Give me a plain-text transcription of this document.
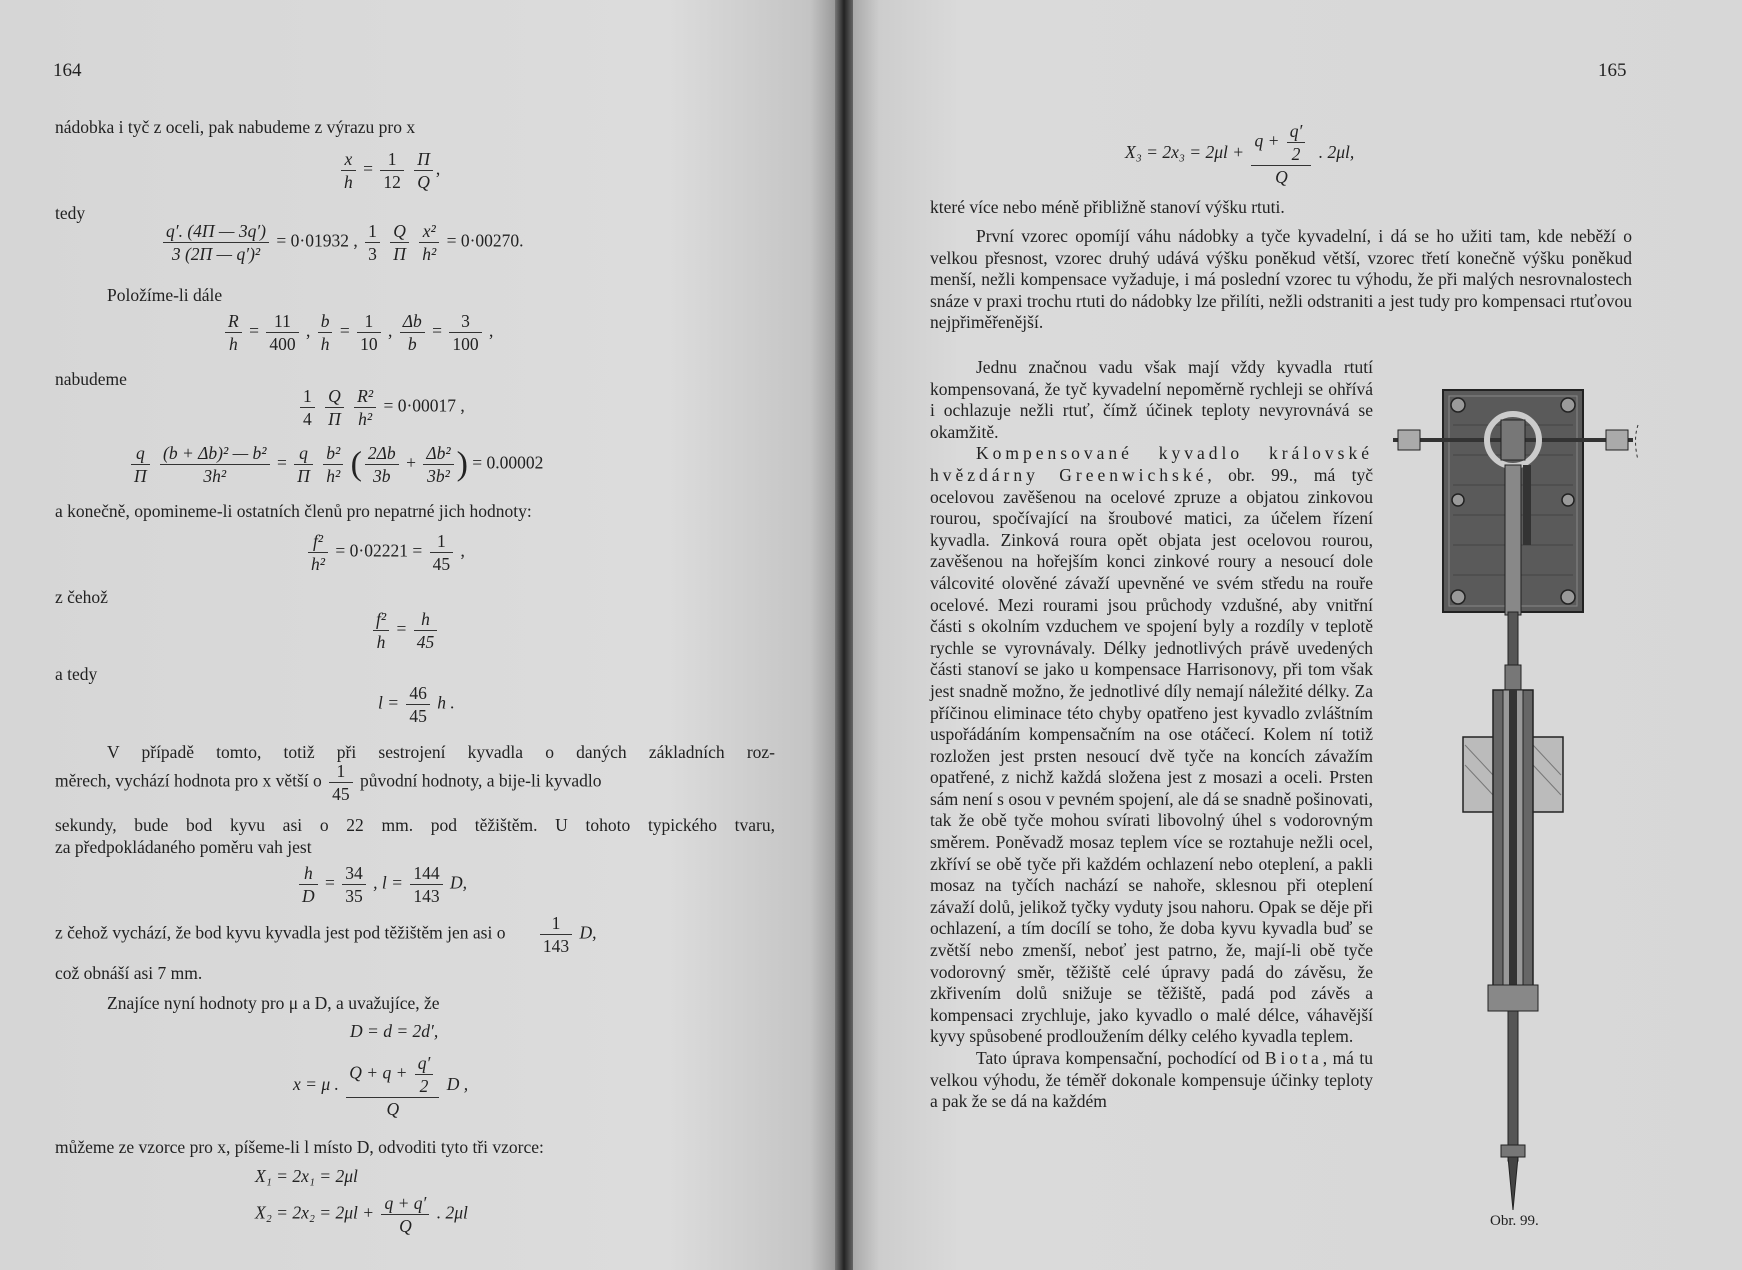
164
nádobka i tyč z oceli, pak nabudeme z výrazu pro x
$\frac{x}{h} = \frac{1}{12}$
$\frac{\Pi}{Q}$ ,
tedy
$\frac{q'. (4\Pi — 3q')}{\text{3 (2Π — q′)²}} = 0\cdot 01932$ , $\frac{1}{3}$
$\frac{Q}{\Pi}$
$\frac{\text{x²}}{\text{h²}} = 0\cdot 00270$.
Položíme-li dále
$\frac{R}{h} = \frac{11}{400}$ , $\frac{b}{h} = \frac{1}{10}$ , $\frac{\Delta b}{b} = \frac{3}{100}$ ,
nabudeme
$\frac{1}{4}$
$\frac{Q}{\Pi}$
$\frac{\text{R²}}{\text{h²}} = 0\cdot 00017$ ,
$\frac{q}{\Pi}$
$\frac{\text{(b + Δb)² — b²}}{\text{3h²}} = \frac{q}{\Pi}$
$\frac{\text{b²}}{\text{h²}}$ ( $\frac{2\Delta b}{3b} + \frac{\text{Δb²}}{\text{3b²}}$ ) = 0.00002
a konečně, opomineme-li ostatních členů pro nepatrné jich hodnoty:
$\frac{\text{f²}}{\text{h²}} = 0\cdot 02221 = \frac{1}{45}$ ,
z čehož
$\frac{\text{f²}}{h} = \frac{h}{45}$
a tedy
$l = \frac{46}{45}$ h .
V případě tomto, totiž při sestrojení kyvadla o daných základních roz-
měrech, vychází hodnota pro x větší o $\frac{1}{45}$ původní hodnoty, a bije-li kyvadlo
sekundy, bude bod kyvu asi o 22 mm. pod těžištěm. U tohoto typického tvaru,
za předpokládaného poměru vah jest
$\frac{h}{D} = \frac{34}{35}$ , $l = \frac{144}{143} D$,
z čehož vychází, že bod kyvu kyvadla jest pod těžištěm jen asi o $\frac{1}{143} D$,
což obnáší asi 7 mm.
Znajíce nyní hodnoty pro μ a D, a uvažujíce, že
D = d = 2d′,
x = μ . $\frac{Q + q + \frac{q'}{2}}{Q}$ D ,
můžeme ze vzorce pro x, píšeme-li l místo D, odvoditi tyto tři vzorce:
X₁ = 2x₁ = 2μl
$X_2 = 2x_2 = 2\mu l + \frac{q + q'}{Q}$ . 2μl
165
$X_3 = 2x_3 = 2\mu l + \frac{q + \frac{q'}{2}}{Q}$ . 2μl,
které více nebo méně přibližně stanoví výšku rtuti.

První vzorec opomíjí váhu nádobky a tyče kyvadelní, i dá se ho užiti tam, kde neběží o velkou přesnost, vzorec druhý udává výšku poněkud větší, vzorec třetí konečně výšku poněkud menší, nežli kompensace vyžaduje, i má poslední vzorec tu výhodu, že při malých nesrovnalostech snáze v praxi trochu rtuti do nádobky lze přilíti, nežli odstraniti a jest tudy pro kompensaci rtuťovou nejpřiměřenější.

Jednu značnou vadu však mají vždy kyvadla rtutí kompensovaná, že tyč kyvadelní nepoměrně rychleji se ohřívá i ochlazuje nežli rtuť, čímž účinek teploty nevyrovnává se okamžitě.

Kompensované kyvadlo královské hvězdárny Greenwichské, obr. 99., má tyč ocelovou zavěšenou na ocelové zpruze a objatou zinkovou rourou, spočívající na šroubové matici, za účelem řízení kyvadla. Zinková roura opět objata jest ocelovou rourou, zavěšenou na hořejším konci zinkové roury a nesoucí dole válcovité olověné závaží upevněné ve svém středu na rouře ocelové. Mezi rourami jsou průchody vzdušné, aby vnitřní části s okolním vzduchem ve spojení byly a rozdíly v teplotě rychle se vyrovnávaly. Délky jednotlivých právě uvedených části stanoví se jako u kompensace Harrisonovy, při tom však jest snadně možno, že jednotlivé díly nemají náležité délky. Za příčinou eliminace této chyby opatřeno jest kyvadlo zvláštním uspořádáním kompensačním na ose otáčecí. Kolem ní totiž rozložen jest prsten nesoucí dvě tyče na koncích závažím opatřené, z nichž každá složena jest z mosazi a oceli. Prsten sám není s osou v pevném spojení, ale dá se snadně pošinovati, tak že obě tyče mohou svírati libovolný úhel s vodorovným směrem. Poněvadž mosaz teplem více se roztahuje nežli ocel, zkříví se obě tyče při každém ochlazení nebo oteplení, a pakli mosaz na tyčích nachází se nahoře, sklesnou při oteplení závaží dolů, jelikož tyčky vyduty jsou nahoru. Opak se děje při ochlazení, a tím docílí se toho, že doba kyvu kyvadla buď se zvětší nebo zmenší, neboť jest patrno, že, mají-li obě tyče vodorovný směr, těžiště celé úpravy padá do závěsu, že zkřivením dolů snižuje se těžiště, padá pod závěs a kompensaci zrychluje, jako kyvadlo o malé délce, váhavější kyvy spůsobené prodloužením délky celého kyvadla teplem.

Tato úprava kompensační, pochodící od Biota, má tu velkou výhodu, že téměř dokonale kompensuje účinky teploty a pak že se dá na každém

Obr. 99.
